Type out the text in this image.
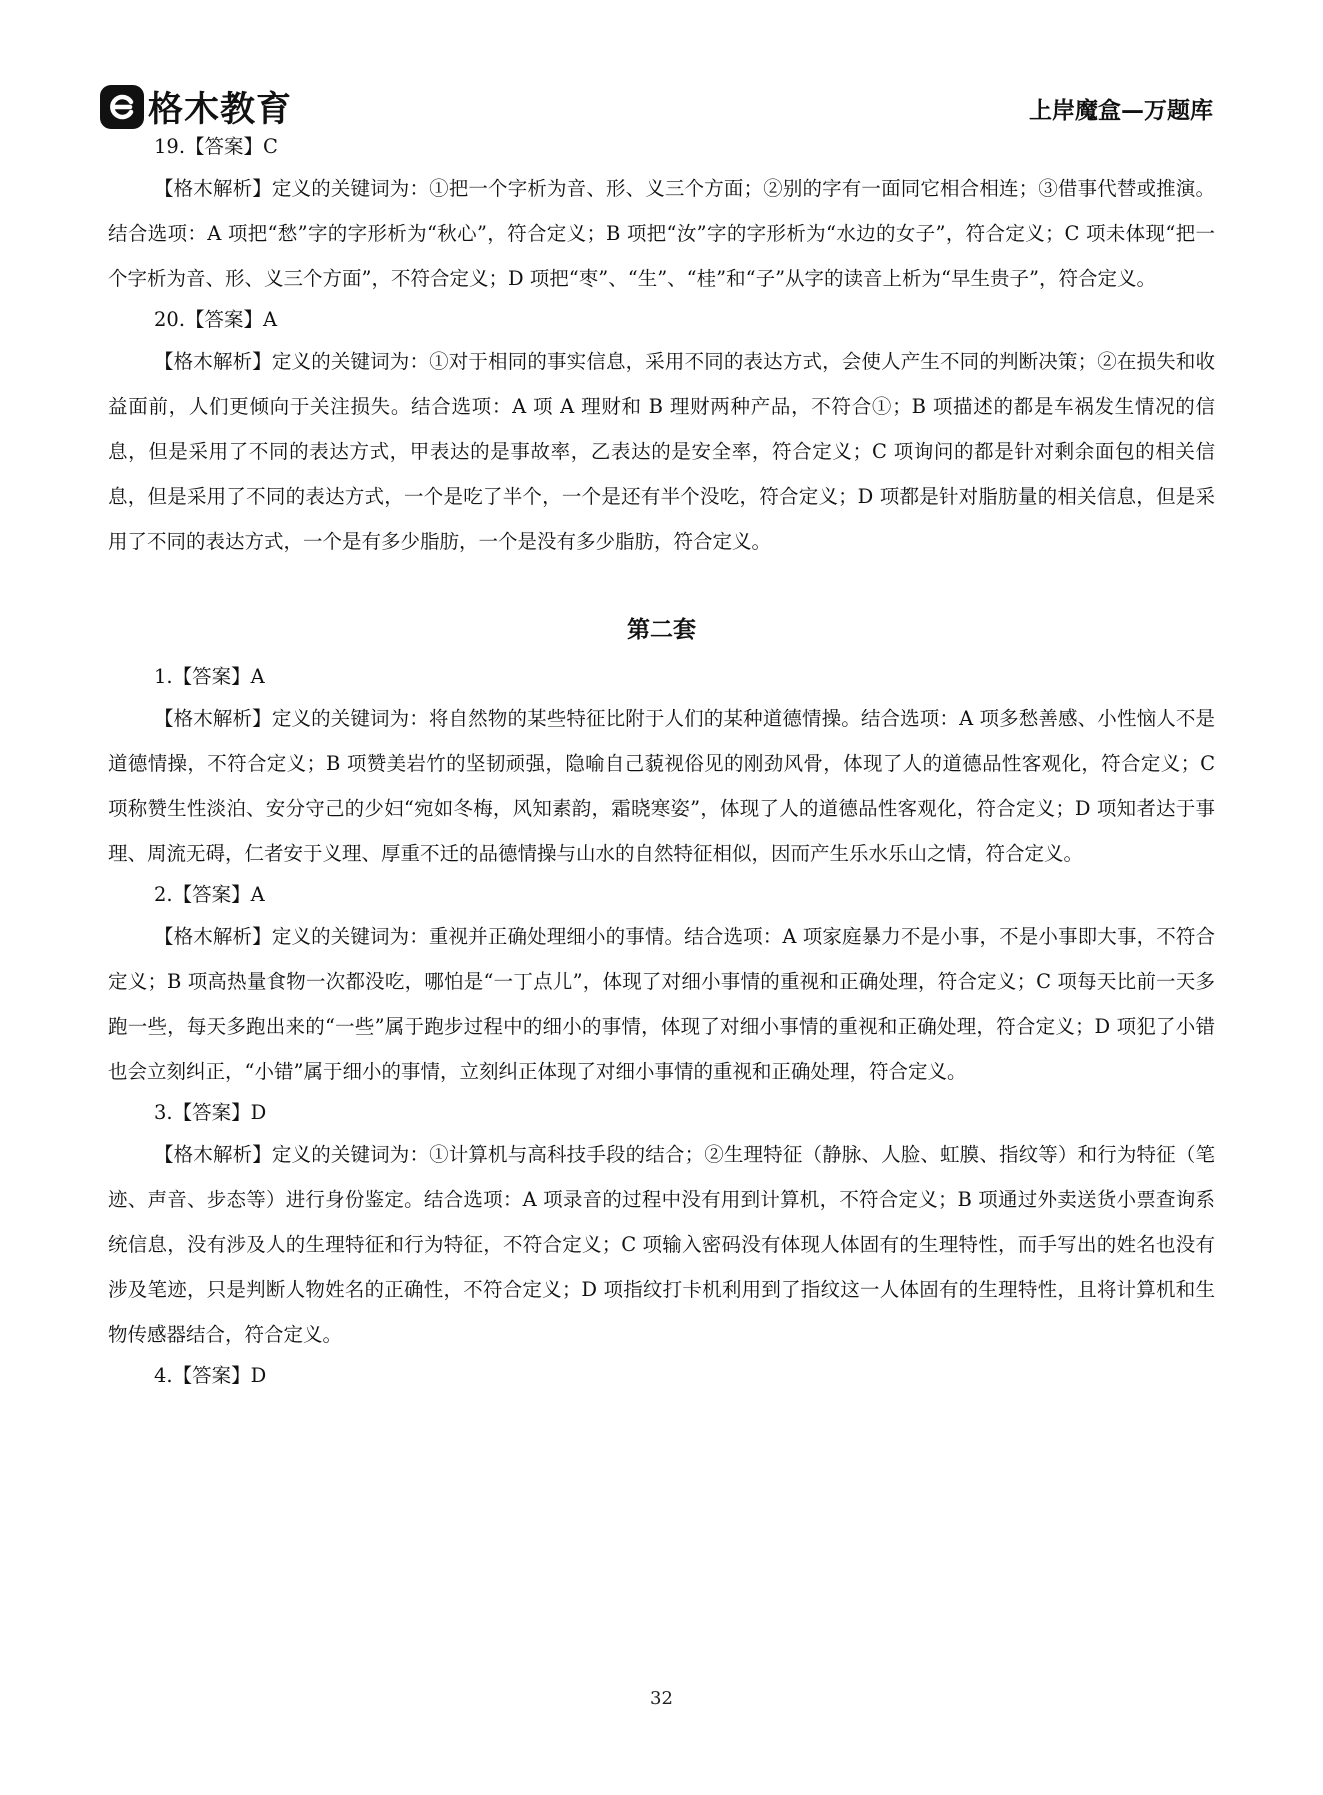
格木教育	上岸魔盒—万题库
19.【答案】C

【格木解析】定义的关键词为：①把一个字析为音、形、义三个方面；②别的字有一面同它相合相连；③借事代替或推演。结合选项：A 项把“愁”字的字形析为“秋心”，符合定义；B 项把“汝”字的字形析为“水边的女子”，符合定义；C 项未体现“把一个字析为音、形、义三个方面”，不符合定义；D 项把“枣”、“生”、“桂”和“子”从字的读音上析为“早生贵子”，符合定义。

20.【答案】A

【格木解析】定义的关键词为：①对于相同的事实信息，采用不同的表达方式，会使人产生不同的判断决策；②在损失和收益面前，人们更倾向于关注损失。结合选项：A 项 A 理财和 B 理财两种产品，不符合①；B 项描述的都是车祸发生情况的信息，但是采用了不同的表达方式，甲表达的是事故率，乙表达的是安全率，符合定义；C 项询问的都是针对剩余面包的相关信息，但是采用了不同的表达方式，一个是吃了半个，一个是还有半个没吃，符合定义；D 项都是针对脂肪量的相关信息，但是采用了不同的表达方式，一个是有多少脂肪，一个是没有多少脂肪，符合定义。

第二套
1.【答案】A

【格木解析】定义的关键词为：将自然物的某些特征比附于人们的某种道德情操。结合选项：A 项多愁善感、小性恼人不是道德情操，不符合定义；B 项赞美岩竹的坚韧顽强，隐喻自己藐视俗见的刚劲风骨，体现了人的道德品性客观化，符合定义；C 项称赞生性淡泊、安分守己的少妇“宛如冬梅，风知素韵，霜晓寒姿”，体现了人的道德品性客观化，符合定义；D 项知者达于事理、周流无碍，仁者安于义理、厚重不迁的品德情操与山水的自然特征相似，因而产生乐水乐山之情，符合定义。

2.【答案】A

【格木解析】定义的关键词为：重视并正确处理细小的事情。结合选项：A 项家庭暴力不是小事，不是小事即大事，不符合定义；B 项高热量食物一次都没吃，哪怕是“一丁点儿”，体现了对细小事情的重视和正确处理，符合定义；C 项每天比前一天多跑一些，每天多跑出来的“一些”属于跑步过程中的细小的事情，体现了对细小事情的重视和正确处理，符合定义；D 项犯了小错也会立刻纠正，“小错”属于细小的事情，立刻纠正体现了对细小事情的重视和正确处理，符合定义。

3.【答案】D

【格木解析】定义的关键词为：①计算机与高科技手段的结合；②生理特征（静脉、人脸、虹膜、指纹等）和行为特征（笔迹、声音、步态等）进行身份鉴定。结合选项：A 项录音的过程中没有用到计算机，不符合定义；B 项通过外卖送货小票查询系统信息，没有涉及人的生理特征和行为特征，不符合定义；C 项输入密码没有体现人体固有的生理特性，而手写出的姓名也没有涉及笔迹，只是判断人物姓名的正确性，不符合定义；D 项指纹打卡机利用到了指纹这一人体固有的生理特性，且将计算机和生物传感器结合，符合定义。

4.【答案】D
32
